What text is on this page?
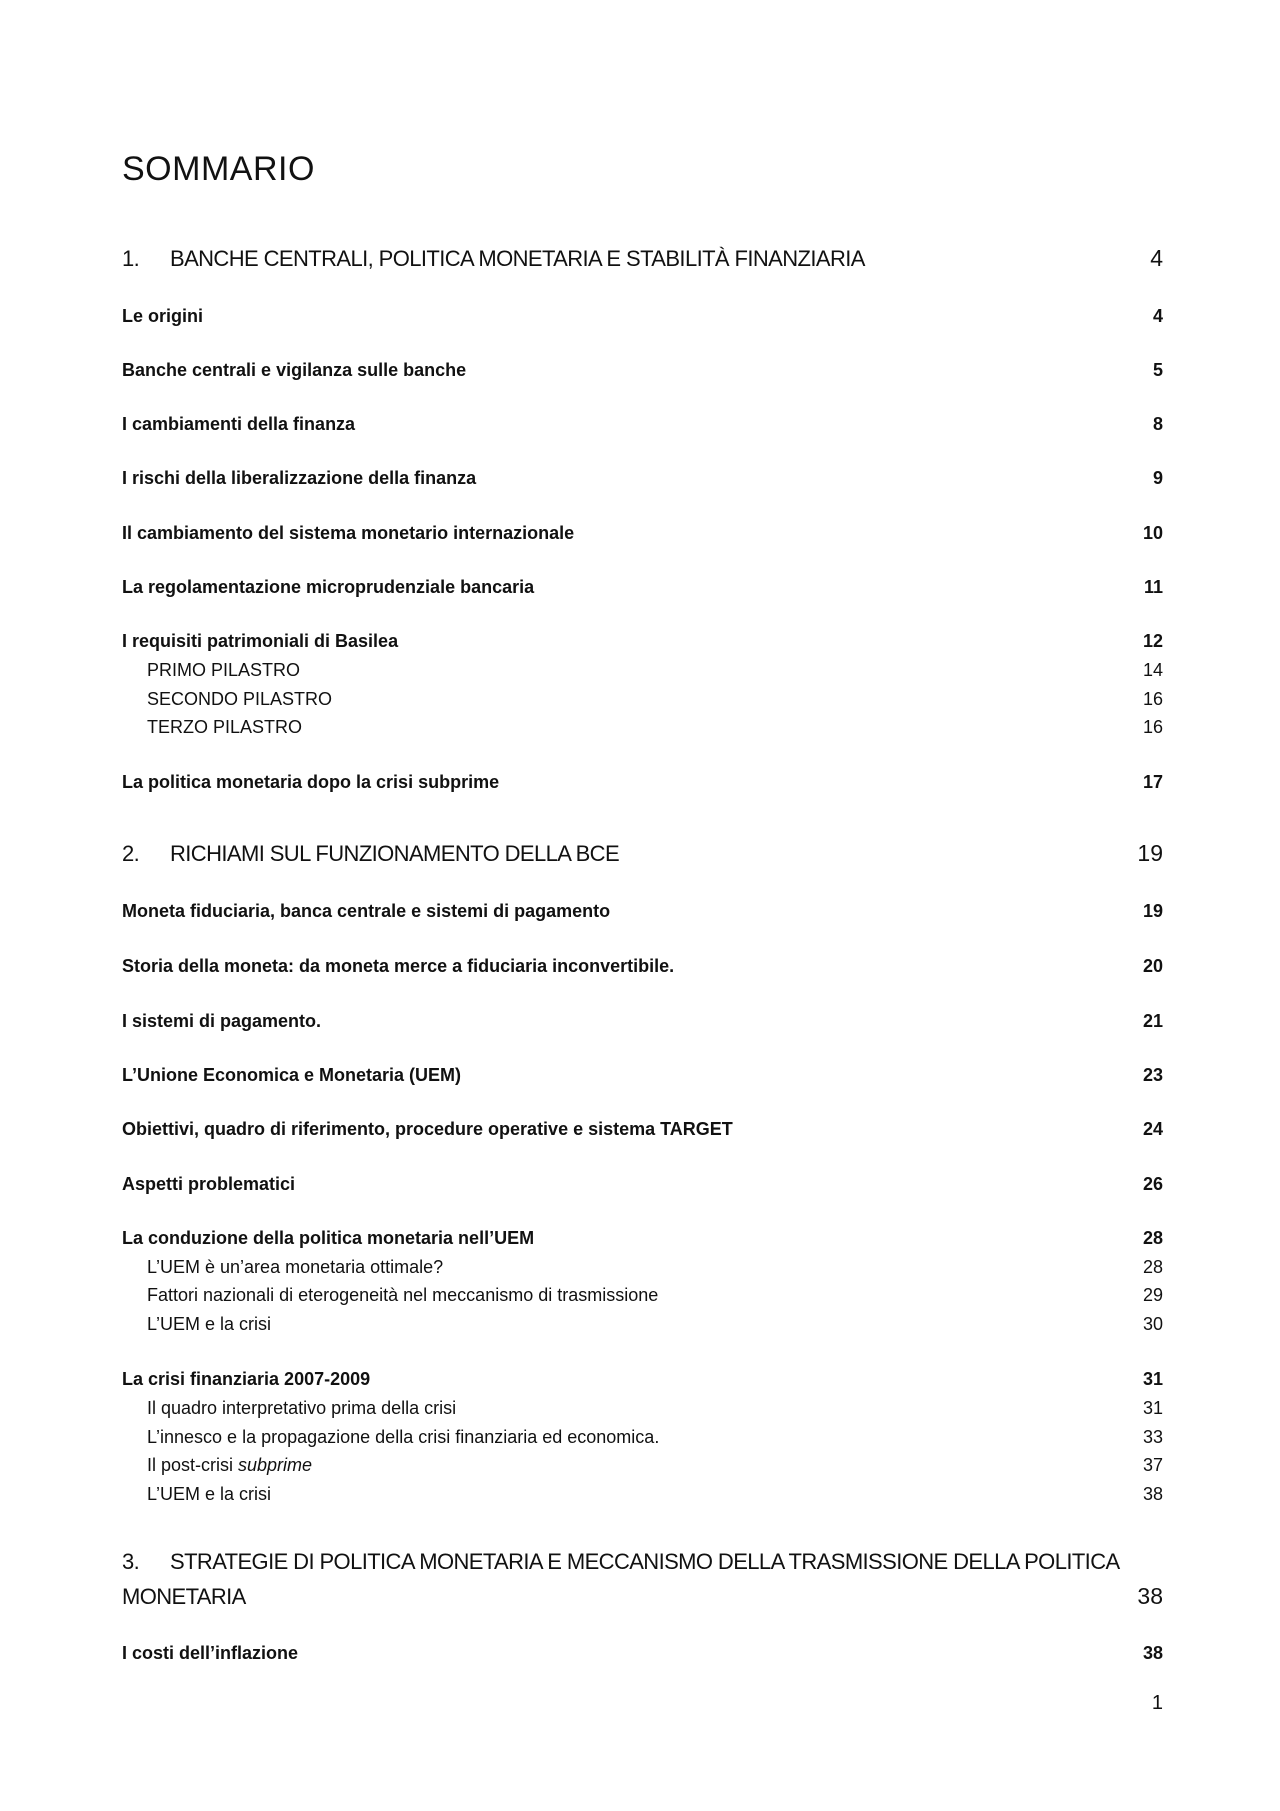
SOMMARIO
1. BANCHE CENTRALI, POLITICA MONETARIA E STABILITÀ FINANZIARIA	4
Le origini	4
Banche centrali e vigilanza sulle banche	5
I cambiamenti della finanza	8
I rischi della liberalizzazione della finanza	9
Il cambiamento del sistema monetario internazionale	10
La regolamentazione microprudenziale bancaria	11
I requisiti patrimoniali di Basilea	12
PRIMO PILASTRO	14
SECONDO PILASTRO	16
TERZO PILASTRO	16
La politica monetaria dopo la crisi subprime	17
2. RICHIAMI SUL FUNZIONAMENTO DELLA BCE	19
Moneta fiduciaria, banca centrale e sistemi di pagamento	19
Storia della moneta: da moneta merce a fiduciaria inconvertibile.	20
I sistemi di pagamento.	21
L’Unione Economica e Monetaria (UEM)	23
Obiettivi, quadro di riferimento, procedure operative e sistema TARGET	24
Aspetti problematici	26
La conduzione della politica monetaria nell’UEM	28
L’UEM è un’area monetaria ottimale?	28
Fattori nazionali di eterogeneità nel meccanismo di trasmissione	29
L’UEM e la crisi	30
La crisi finanziaria 2007-2009	31
Il quadro interpretativo prima della crisi	31
L’innesco e la propagazione della crisi finanziaria ed economica.	33
Il post-crisi subprime	37
L’UEM e la crisi	38
3. STRATEGIE DI POLITICA MONETARIA E MECCANISMO DELLA TRASMISSIONE DELLA POLITICA
MONETARIA	38
I costi dell’inflazione	38
1
